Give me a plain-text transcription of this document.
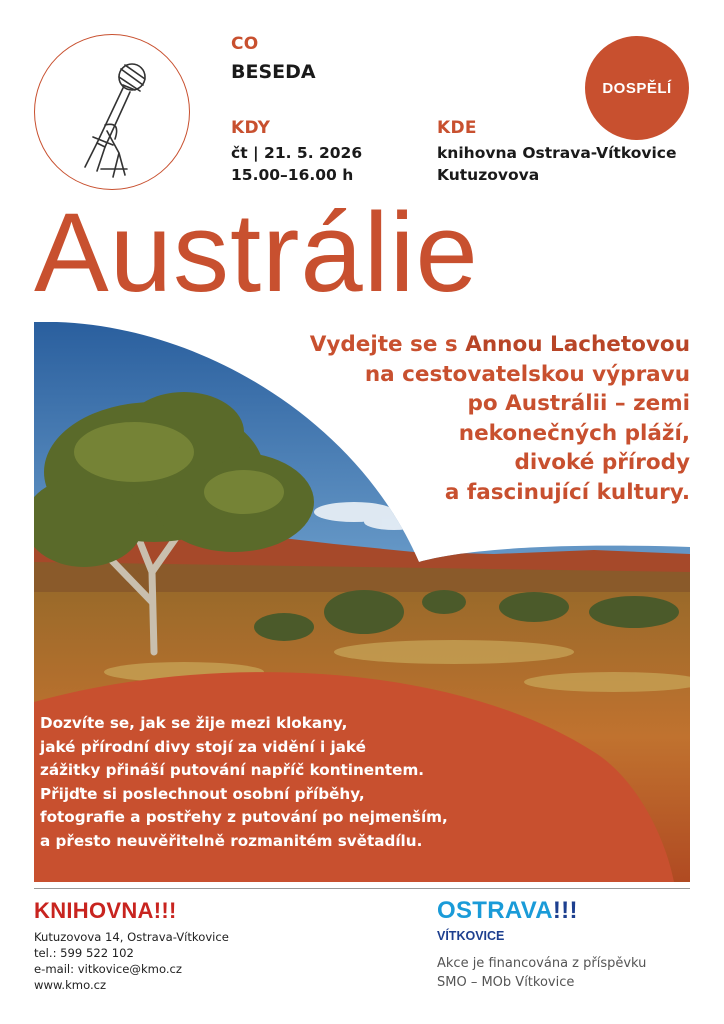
CO
BESEDA
KDY
čt | 21. 5. 2026
15.00–16.00 h
KDE
knihovna Ostrava-Vítkovice
Kutuzovova
DOSPĚLÍ
Austrálie
Vydejte se s Annou Lachetovou
na cestovatelskou výpravu
po Austrálii – zemi
nekonečných pláží,
divoké přírody
a fascinující kultury.
Dozvíte se, jak se žije mezi klokany,
jaké přírodní divy stojí za vidění i jaké
zážitky přináší putování napříč kontinentem.
Přijďte si poslechnout osobní příběhy,
fotografie a postřehy z putování po nejmenším,
a přesto neuvěřitelně rozmanitém světadílu.
KNIHOVNA!!!
Kutuzovova 14, Ostrava-Vítkovice
tel.: 599 522 102
e-mail: vitkovice@kmo.cz
www.kmo.cz
OSTRAVA!!!
VÍTKOVICE
Akce je financována z příspěvku
SMO – MOb Vítkovice
